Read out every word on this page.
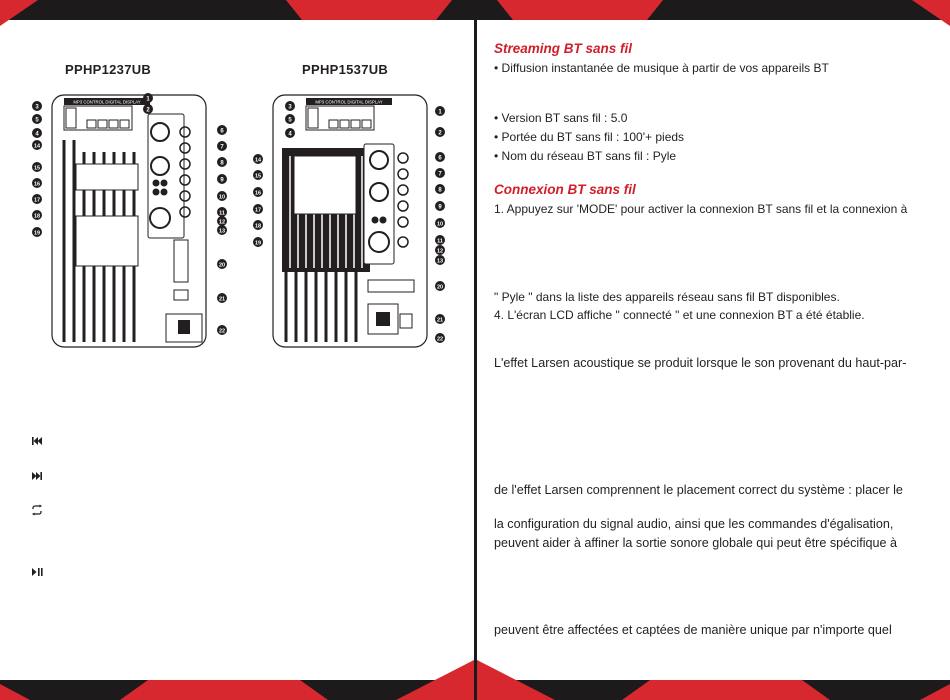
PPHP1237UB	PPHP1537UB
MP3 CONTROL DIGITAL DISPLAY 1
2
3
4
5
6
7
8
9
10
11
12
13
14
15
16
17
18
19
20
21
22
MP3 CONTROL DIGITAL DISPLAY
1
2
3
4
5
6
7
8
9
10
11
12
13
20
21
22
14
15
16
17
18
19
Streaming BT sans fil
• Diffusion instantanée de musique à partir de vos appareils BT
• Version BT sans fil : 5.0
• Portée du BT sans fil : 100'+ pieds
• Nom du réseau BT sans fil : Pyle
Connexion BT sans fil
1. Appuyez sur 'MODE' pour activer la connexion BT sans fil et la connexion à
" Pyle " dans la liste des appareils réseau sans fil BT disponibles.
4. L'écran LCD affiche " connecté " et une connexion BT a été établie.
L'effet Larsen acoustique se produit lorsque le son provenant du haut-par-
de l'effet Larsen comprennent le placement correct du système : placer le
la configuration du signal audio, ainsi que les commandes d'égalisation,
peuvent aider à affiner la sortie sonore globale qui peut être spécifique à
peuvent être affectées et captées de manière unique par n'importe quel
